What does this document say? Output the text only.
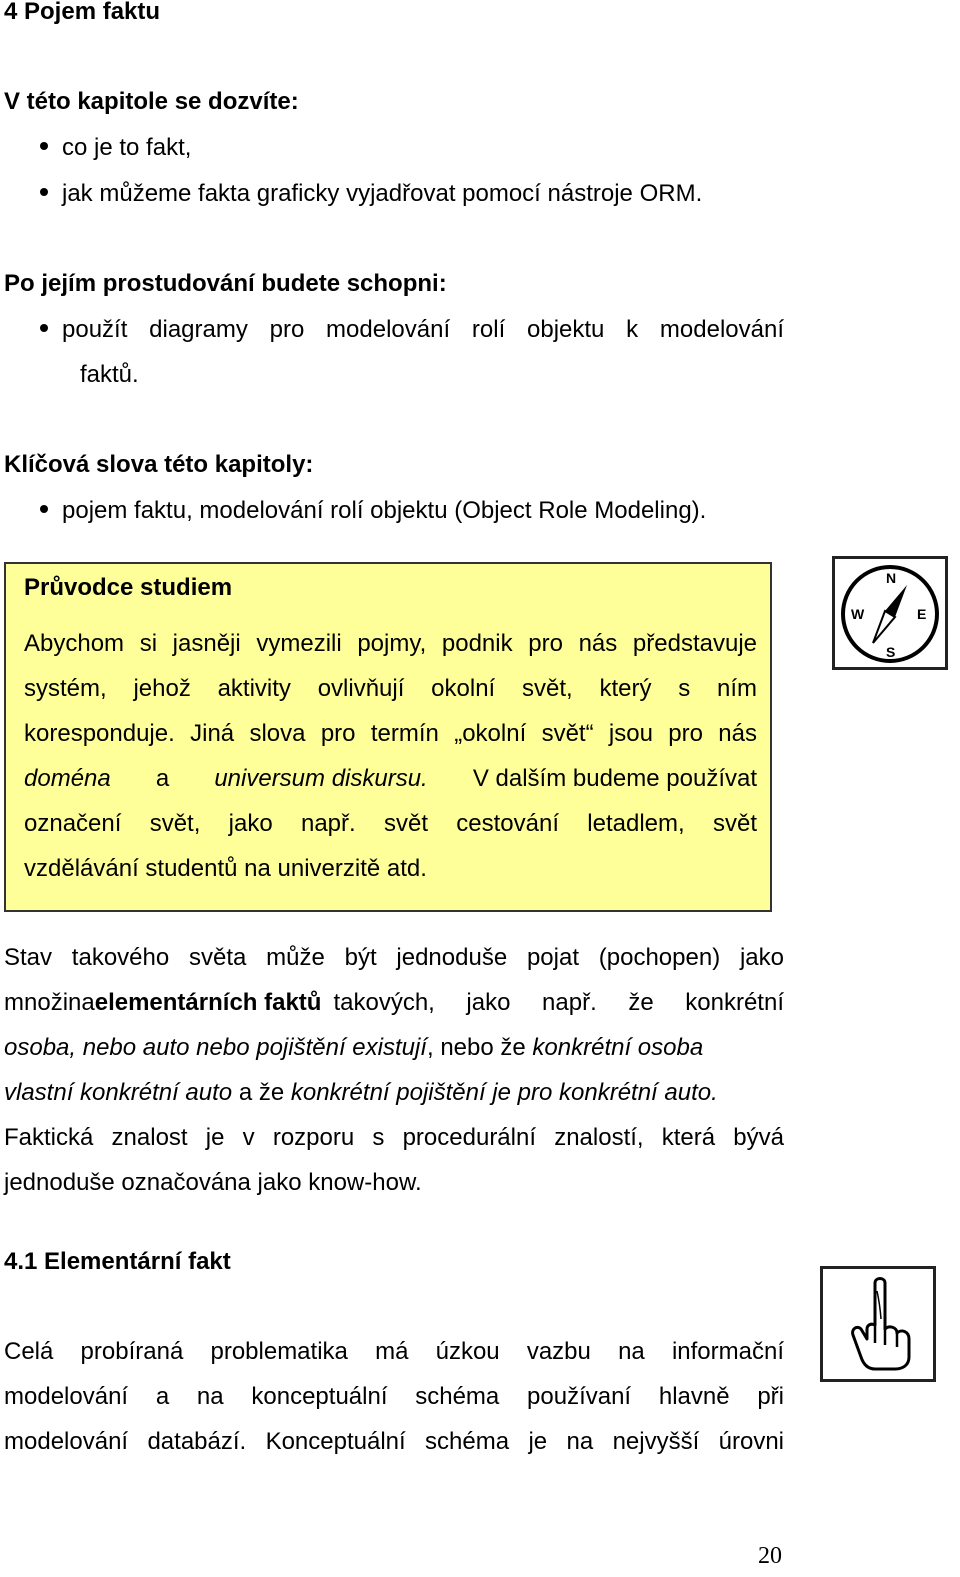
4 Pojem faktu
V této kapitole se dozvíte:
co je to fakt,
jak můžeme fakta graficky vyjadřovat pomocí nástroje ORM.
Po jejím prostudování budete schopni:
použít diagramy pro modelování rolí objektu k modelování
faktů.
Klíčová slova této kapitoly:
pojem faktu, modelování rolí objektu (Object Role Modeling).
Průvodce studiem
Abychom si jasněji vymezili pojmy, podnik pro nás představuje
systém, jehož aktivity ovlivňují okolní svět, který s ním
koresponduje. Jiná slova pro termín „okolní svět“ jsou pro nás
doména a universum diskursu. V dalším budeme používat
označení svět, jako např. svět cestování letadlem, svět
vzdělávání studentů na univerzitě atd.
N
S
E
W
Stav takového světa může být jednoduše pojat (pochopen) jako
množina elementárních faktů takových, jako např. že konkrétní
osoba, nebo auto nebo pojištění existují, nebo že konkrétní osoba
vlastní konkrétní auto a že konkrétní pojištění je pro konkrétní auto.
Faktická znalost je v rozporu s procedurální znalostí, která bývá
jednoduše označována jako know-how.
4.1 Elementární fakt
Celá probíraná problematika má úzkou vazbu na informační
modelování a na konceptuální schéma používaní hlavně při
modelování databází. Konceptuální schéma je na nejvyšší úrovni
20
